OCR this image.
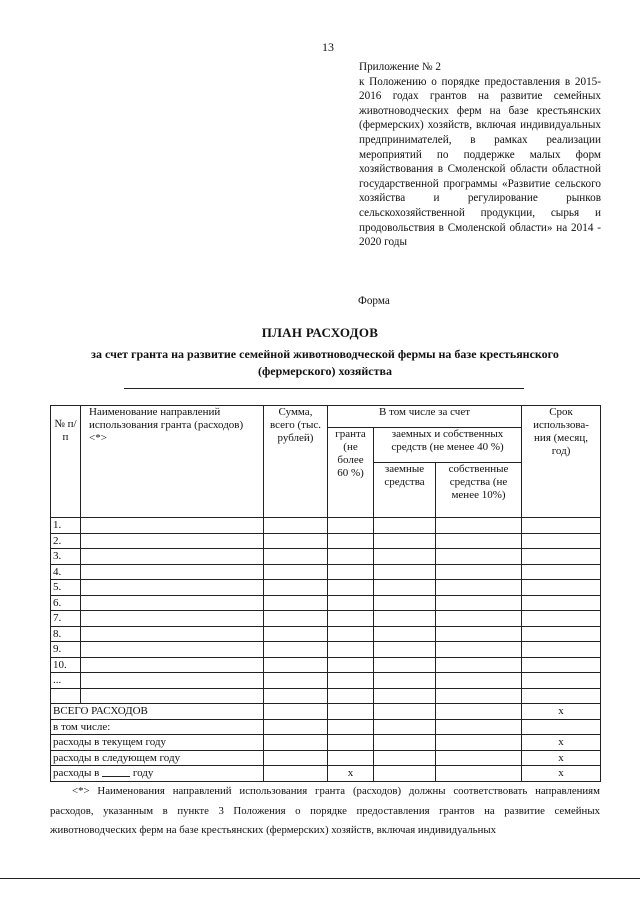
13
Приложение № 2
к Положению о порядке предоставления в 2015-2016 годах грантов на развитие семейных животноводческих ферм на базе крестьянских (фермерских) хозяйств, включая индивидуальных предпринимателей, в рамках реализации мероприятий по поддержке малых форм хозяйствования в Смоленской области областной государственной программы «Развитие сельского хозяйства и регулирование рынков сельскохозяйственной продукции, сырья и продовольствия в Смоленской области» на 2014 - 2020 годы
Форма
ПЛАН РАСХОДОВ
за счет гранта на развитие семейной животноводческой фермы на базе крестьянского (фермерского) хозяйства
№ п/п	Наименование направлений использования гранта (расходов) <*>	Сумма, всего (тыс. рублей)	В том числе за счет			Срок использова-ния (месяц, год)
			гранта (не более 60 %)	заемных и собственных средств (не менее 40 %)		
				заемные средства	собственные средства (не менее 10%)	
1.						
2.						
3.						
4.						
5.						
6.						
7.						
8.						
9.						
10.						
...						

ВСЕГО РАСХОДОВ						x
в том числе:						
расходы в текущем году						x
расходы в следующем году						x
расходы в году			x			x
<*> Наименования направлений использования гранта (расходов) должны соответствовать направлениям расходов, указанным в пункте 3 Положения о порядке предоставления грантов на развитие семейных животноводческих ферм на базе крестьянских (фермерских) хозяйств, включая индивидуальных
